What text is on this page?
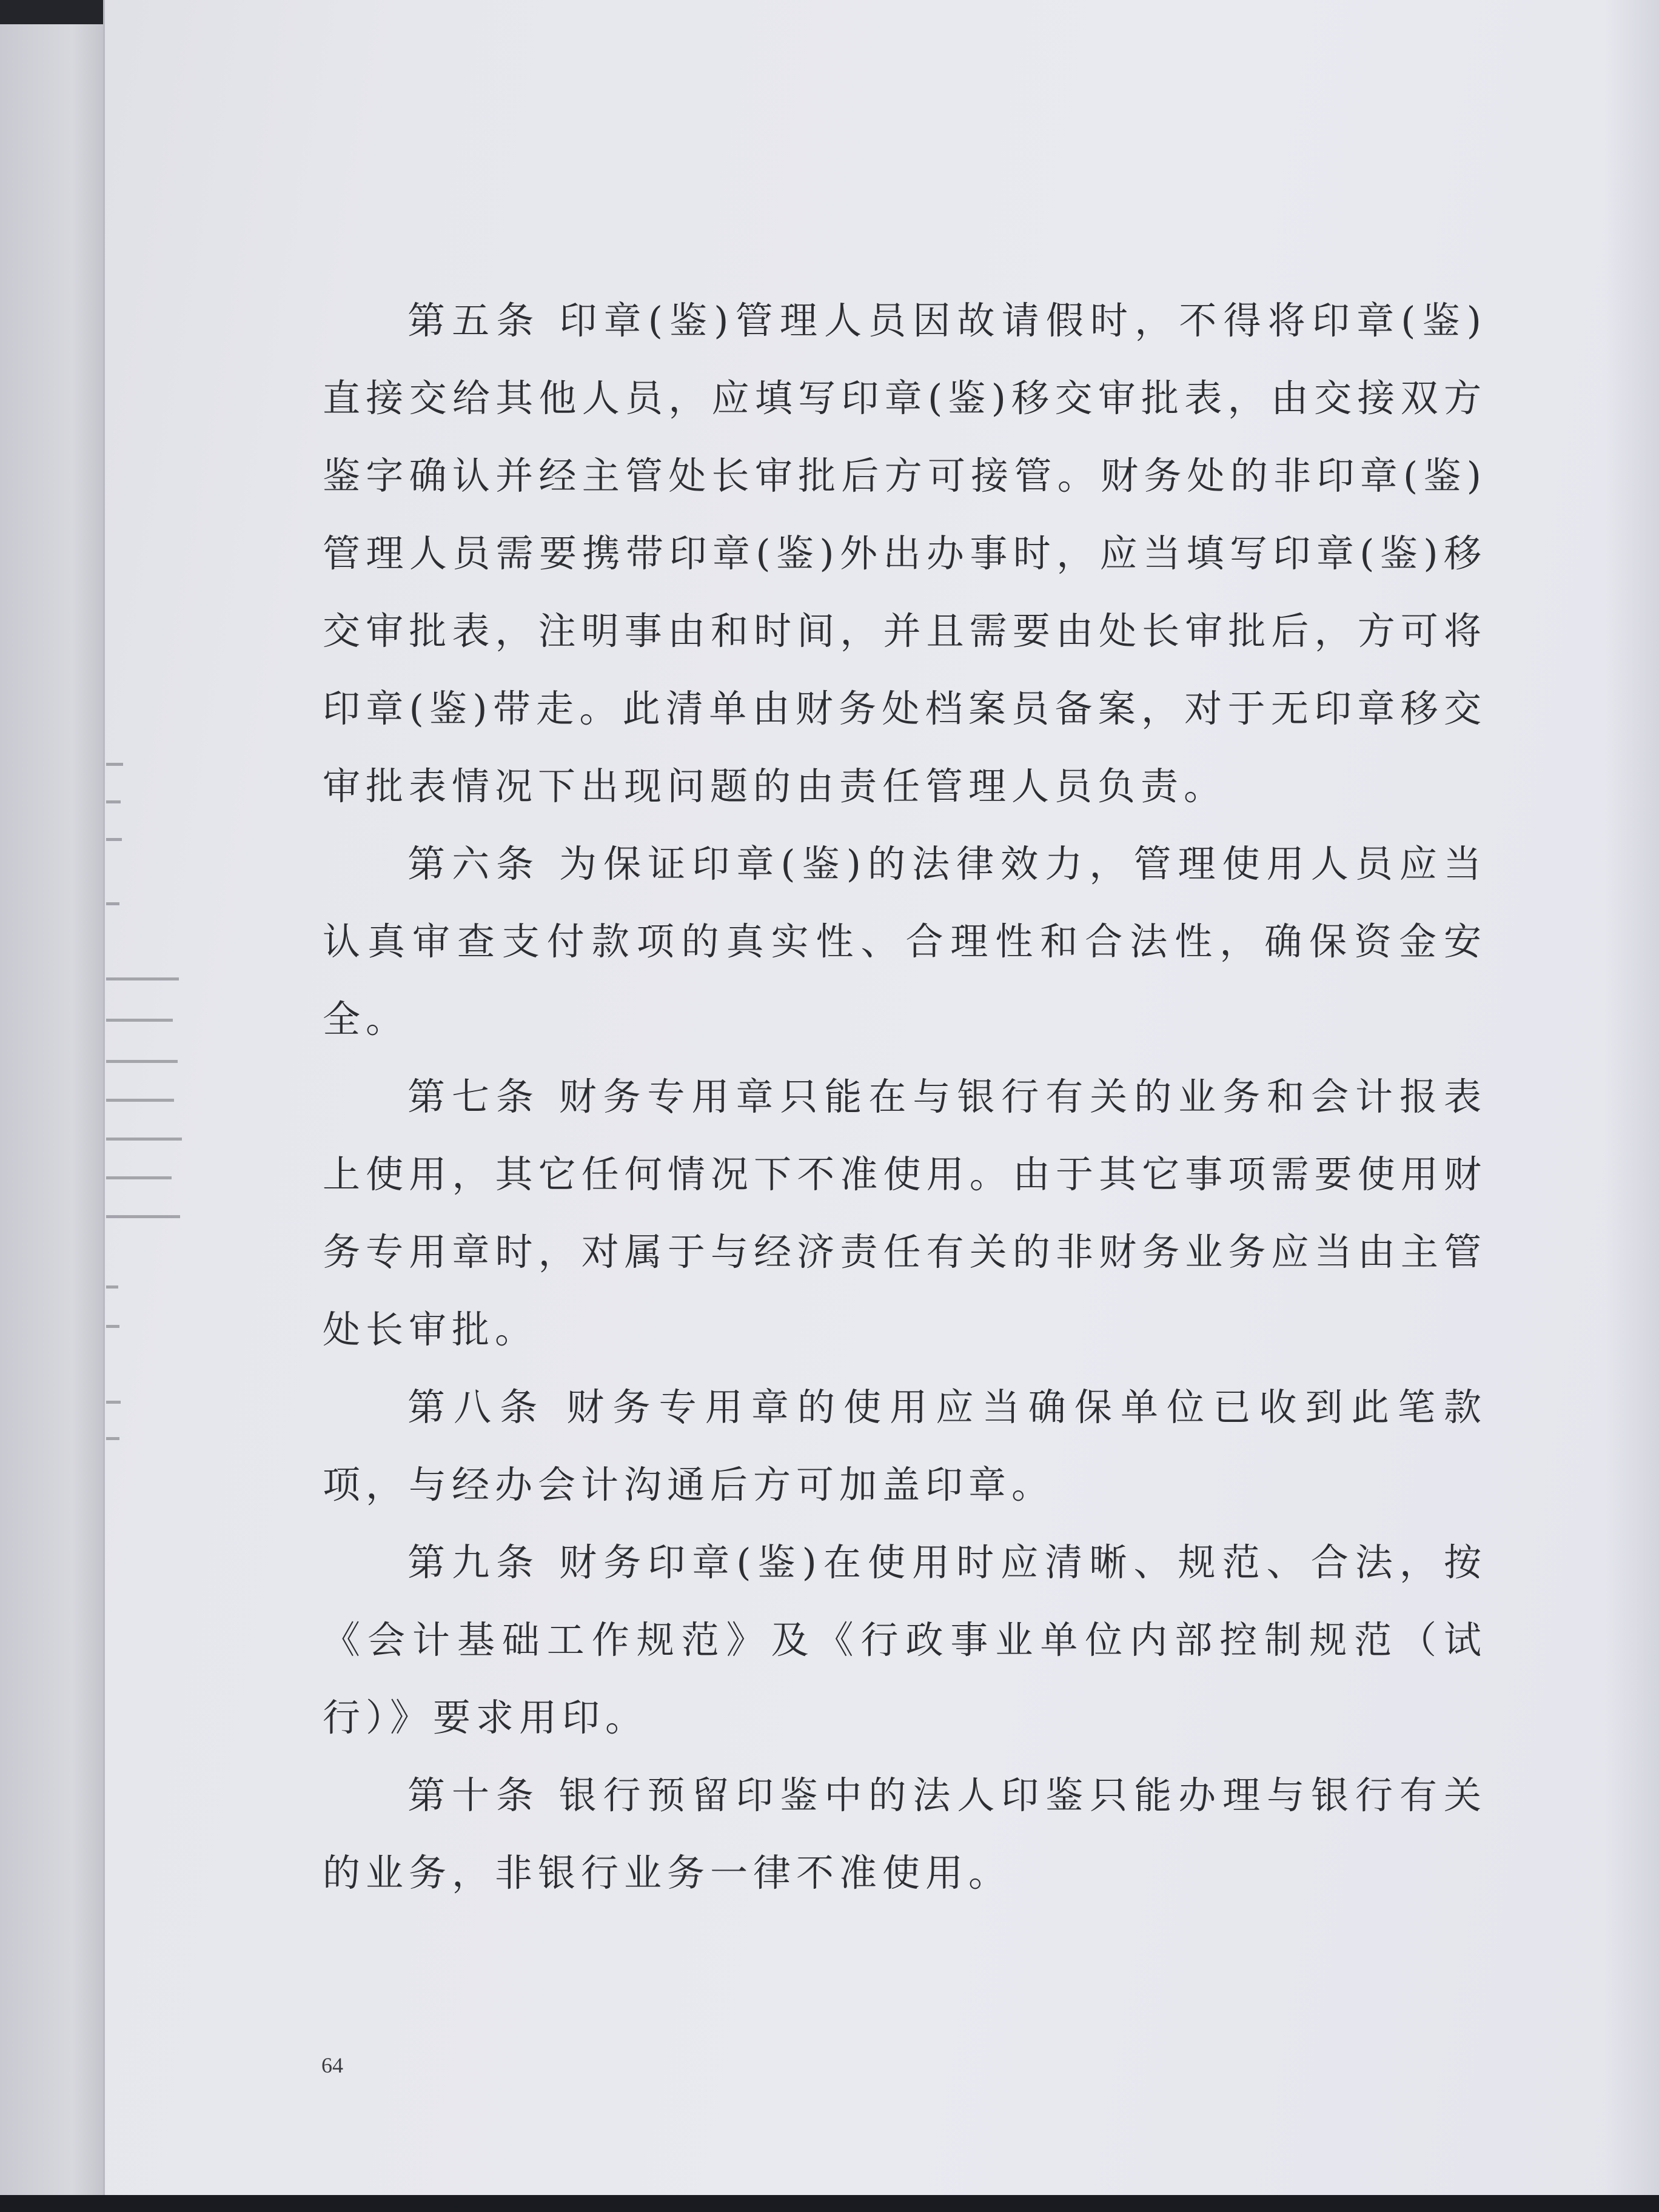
第五条 印章(鉴)管理人员因故请假时，不得将印章(鉴)直接交给其他人员，应填写印章(鉴)移交审批表，由交接双方鉴字确认并经主管处长审批后方可接管。财务处的非印章(鉴)管理人员需要携带印章(鉴)外出办事时，应当填写印章(鉴)移交审批表，注明事由和时间，并且需要由处长审批后，方可将印章(鉴)带走。此清单由财务处档案员备案，对于无印章移交审批表情况下出现问题的由责任管理人员负责。

第六条 为保证印章(鉴)的法律效力，管理使用人员应当认真审查支付款项的真实性、合理性和合法性，确保资金安全。

第七条 财务专用章只能在与银行有关的业务和会计报表上使用，其它任何情况下不准使用。由于其它事项需要使用财务专用章时，对属于与经济责任有关的非财务业务应当由主管处长审批。

第八条 财务专用章的使用应当确保单位已收到此笔款项，与经办会计沟通后方可加盖印章。

第九条 财务印章(鉴)在使用时应清晰、规范、合法，按《会计基础工作规范》及《行政事业单位内部控制规范（试行）》要求用印。

第十条 银行预留印鉴中的法人印鉴只能办理与银行有关的业务，非银行业务一律不准使用。

64
